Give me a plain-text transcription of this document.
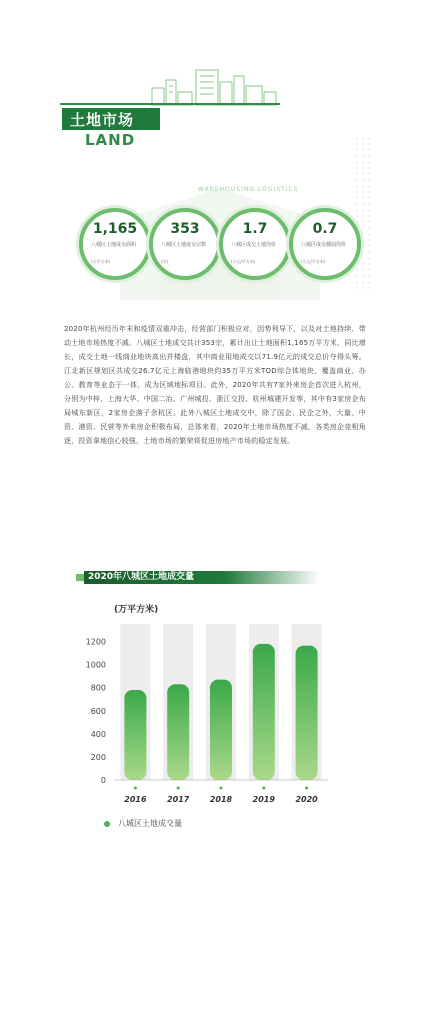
土地市场
LAND
WAREHOUSING LOGISTICS
1,165
八城区土地成交面积
(万平方米)
353
八城区土地成交宗数
(宗)
1.7
八城区成交土地均价
(万元/平方米)
0.7
八城区成交楼面均价
(万元/平方米)
2020年杭州经历年末和疫情双重冲击，经营部门积极应对，因势利导下，以及对土地持续、带动土地市场热度不减。八城区土地成交共计353宗，累计出让土地面积1,165万平方米，同比增长，成交土地一线商业地块高出并楼盘，其中商业用地成交以71.9亿元的成交总价夺得头筹。江北新区规划区共成交26.7亿元上海临港地块约35万平方米TOD综合体地块，覆盖商业、办公、教育等业态于一体，成为区域地标项目。此外，2020年共有7家外来房企首次进入杭州，分别为中梓、上海大华、中国二冶、广州城投、浙江交投、杭州城建开发等，其中有3家房企布局城东新区，2家房企落子余杭区。此外八城区土地成交中，除了国企、民企之外，大量、中资、港资、民营等外来房企积极布局，总体来看，2020年土地市场热度不减，各类房企竞相角逐，投资拿地信心较强，土地市场的繁荣将促进房地产市场的稳定发展。
2020年八城区土地成交量
(万平方米)
0
200
400
600
800
1000
1200
2016	2017	2018	2019	2020
八城区土地成交量
